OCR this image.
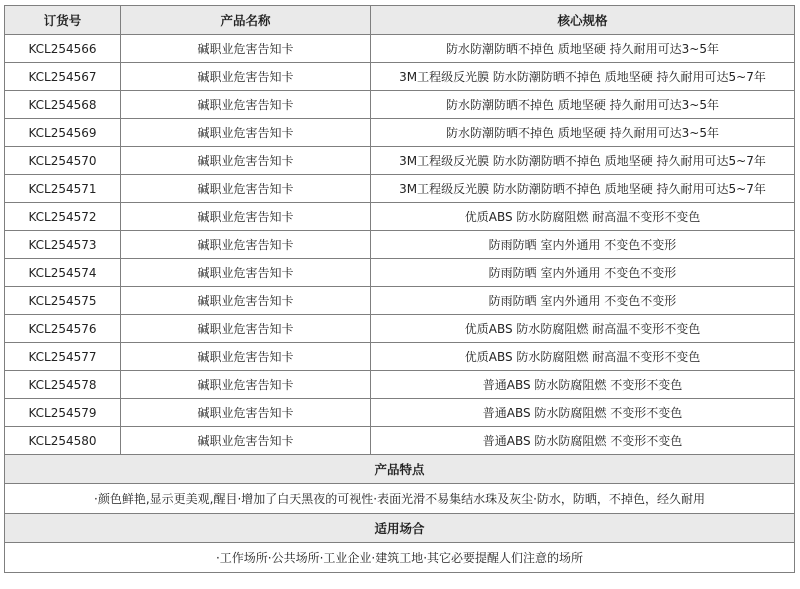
订货号	产品名称	核心规格
KCL254566	碱职业危害告知卡	防水防潮防晒不掉色 质地坚硬 持久耐用可达3~5年
KCL254567	碱职业危害告知卡	3M工程级反光膜 防水防潮防晒不掉色 质地坚硬 持久耐用可达5~7年
KCL254568	碱职业危害告知卡	防水防潮防晒不掉色 质地坚硬 持久耐用可达3~5年
KCL254569	碱职业危害告知卡	防水防潮防晒不掉色 质地坚硬 持久耐用可达3~5年
KCL254570	碱职业危害告知卡	3M工程级反光膜 防水防潮防晒不掉色 质地坚硬 持久耐用可达5~7年
KCL254571	碱职业危害告知卡	3M工程级反光膜 防水防潮防晒不掉色 质地坚硬 持久耐用可达5~7年
KCL254572	碱职业危害告知卡	优质ABS 防水防腐阻燃 耐高温不变形不变色
KCL254573	碱职业危害告知卡	防雨防晒 室内外通用 不变色不变形
KCL254574	碱职业危害告知卡	防雨防晒 室内外通用 不变色不变形
KCL254575	碱职业危害告知卡	防雨防晒 室内外通用 不变色不变形
KCL254576	碱职业危害告知卡	优质ABS 防水防腐阻燃 耐高温不变形不变色
KCL254577	碱职业危害告知卡	优质ABS 防水防腐阻燃 耐高温不变形不变色
KCL254578	碱职业危害告知卡	普通ABS 防水防腐阻燃 不变形不变色
KCL254579	碱职业危害告知卡	普通ABS 防水防腐阻燃 不变形不变色
KCL254580	碱职业危害告知卡	普通ABS 防水防腐阻燃 不变形不变色
产品特点		
·颜色鲜艳,显示更美观,醒目·增加了白天黑夜的可视性·表面光滑不易集结水珠及灰尘·防水，防晒，不掉色，经久耐用		
适用场合		
·工作场所·公共场所·工业企业·建筑工地·其它必要提醒人们注意的场所		
